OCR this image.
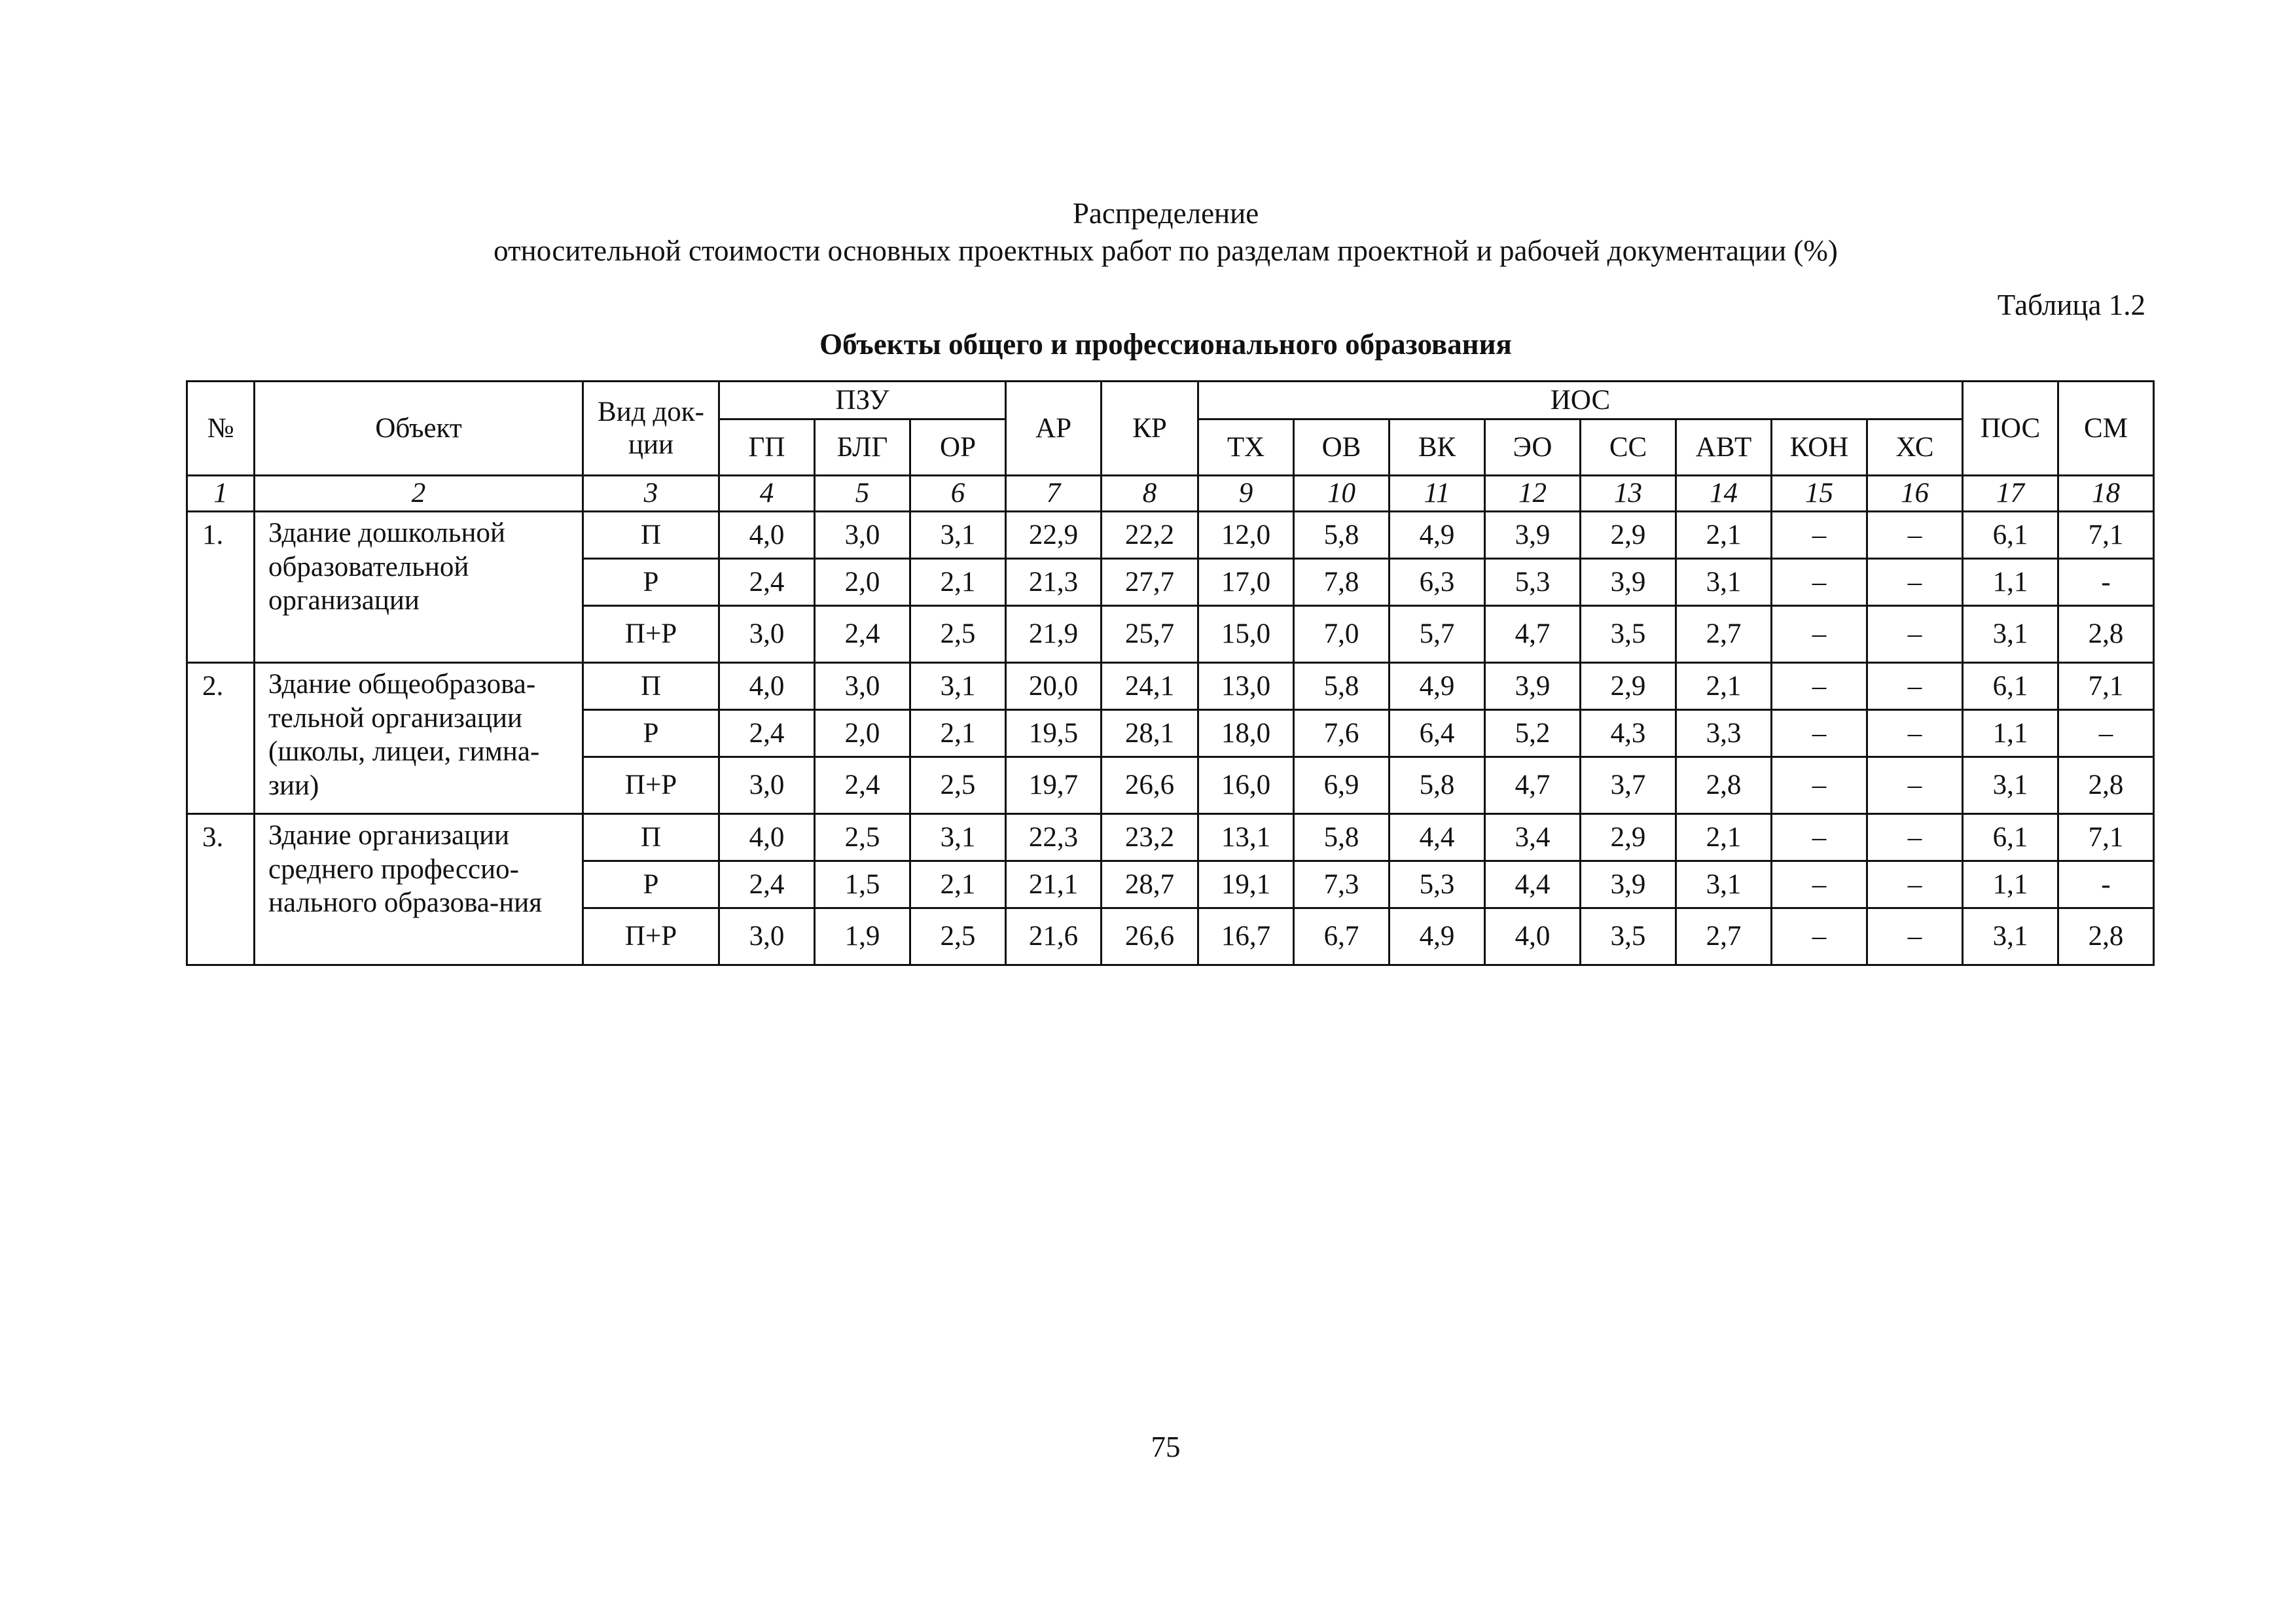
Распределение
относительной стоимости основных проектных работ по разделам проектной и рабочей документации (%)
Таблица 1.2
Объекты общего и профессионального образования
№	Объект	Вид док-ции	ПЗУ			АР	КР	ИОС								ПОС	СМ
			ГП	БЛГ	ОР			ТХ	ОВ	ВК	ЭО	СС	АВТ	КОН	ХС		
1	2	3	4	5	6	7	8	9	10	11	12	13	14	15	16	17	18
1.	Здание дошкольной образовательной организации	П	4,0	3,0	3,1	22,9	22,2	12,0	5,8	4,9	3,9	2,9	2,1	–	–	6,1	7,1
		Р	2,4	2,0	2,1	21,3	27,7	17,0	7,8	6,3	5,3	3,9	3,1	–	–	1,1	-
		П+Р	3,0	2,4	2,5	21,9	25,7	15,0	7,0	5,7	4,7	3,5	2,7	–	–	3,1	2,8
2.	Здание общеобразова-тельной организации (школы, лицеи, гимна-зии)	П	4,0	3,0	3,1	20,0	24,1	13,0	5,8	4,9	3,9	2,9	2,1	–	–	6,1	7,1
		Р	2,4	2,0	2,1	19,5	28,1	18,0	7,6	6,4	5,2	4,3	3,3	–	–	1,1	–
		П+Р	3,0	2,4	2,5	19,7	26,6	16,0	6,9	5,8	4,7	3,7	2,8	–	–	3,1	2,8
3.	Здание организации среднего профессио-нального образова-ния	П	4,0	2,5	3,1	22,3	23,2	13,1	5,8	4,4	3,4	2,9	2,1	–	–	6,1	7,1
		Р	2,4	1,5	2,1	21,1	28,7	19,1	7,3	5,3	4,4	3,9	3,1	–	–	1,1	-
		П+Р	3,0	1,9	2,5	21,6	26,6	16,7	6,7	4,9	4,0	3,5	2,7	–	–	3,1	2,8
75
